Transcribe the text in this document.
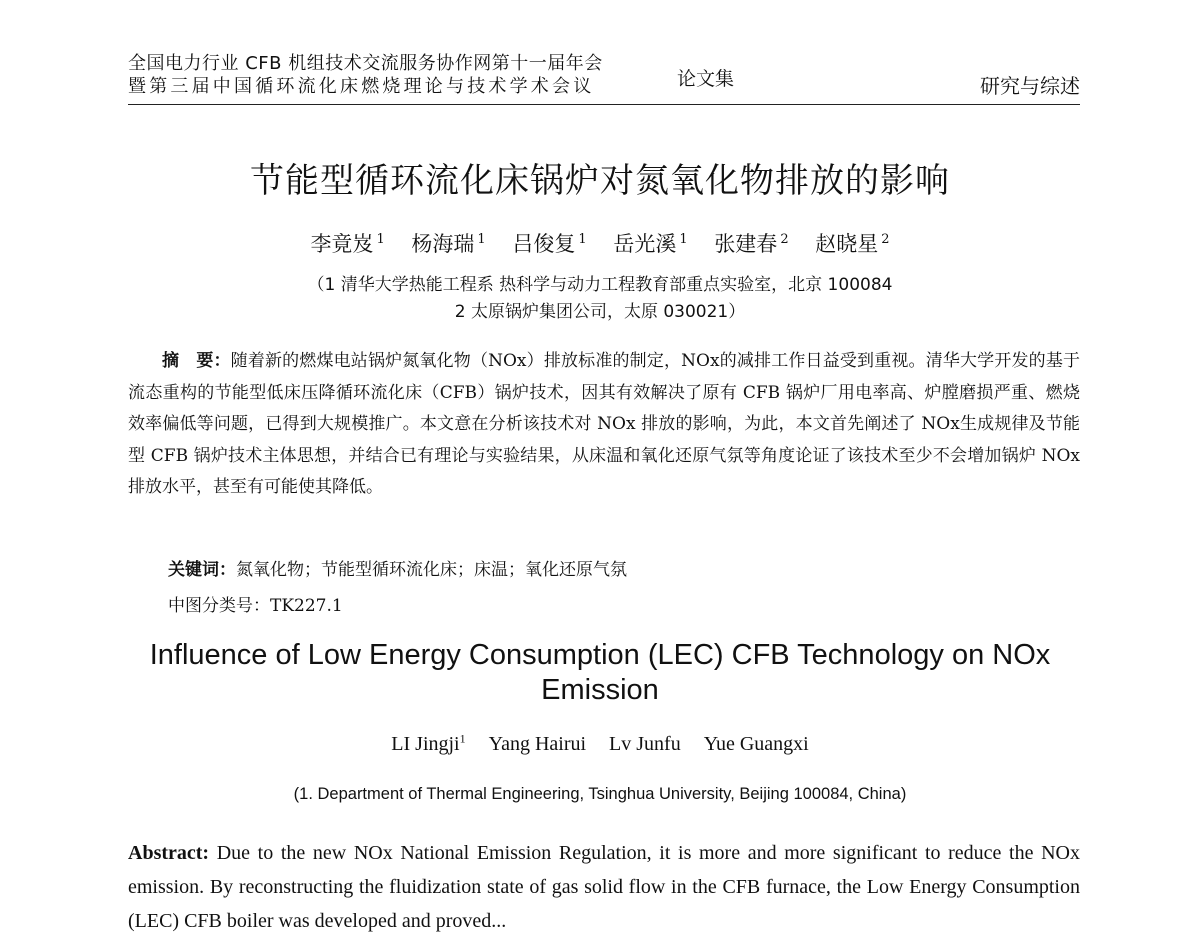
全国电力行业 CFB 机组技术交流服务协作网第十一届年会
暨第三届中国循环流化床燃烧理论与技术学术会议	论文集	研究与综述
节能型循环流化床锅炉对氮氧化物排放的影响
李竟岌 $^1$ 杨海瑞 $^1$ 吕俊复 $^1$ 岳光溪 $^1$ 张建春 $^2$ 赵晓星 $^2$
（1 清华大学热能工程系 热科学与动力工程教育部重点实验室，北京 100084
2 太原锅炉集团公司，太原 030021）
摘　要：随着新的燃煤电站锅炉氮氧化物（NOx）排放标准的制定，NOx的减排工作日益受到重视。清华大学开发的基于流态重构的节能型低床压降循环流化床（CFB）锅炉技术，因其有效解决了原有 CFB 锅炉厂用电率高、炉膛磨损严重、燃烧效率偏低等问题，已得到大规模推广。本文意在分析该技术对 NOx 排放的影响，为此，本文首先阐述了 NOx生成规律及节能型 CFB 锅炉技术主体思想，并结合已有理论与实验结果，从床温和氧化还原气氛等角度论证了该技术至少不会增加锅炉 NOx排放水平，甚至有可能使其降低。
关键词：氮氧化物；节能型循环流化床；床温；氧化还原气氛
中图分类号：TK227.1
Influence of Low Energy Consumption (LEC) CFB Technology on NOx Emission
LI Jingji$^1$ Yang Hairui Lv Junfu Yue Guangxi
(1. Department of Thermal Engineering, Tsinghua University, Beijing 100084, China)
Abstract: Due to the new NOx National Emission Regulation, it is more and more significant to reduce the NOx emission. By reconstructing the fluidization state of gas solid flow in the CFB furnace, the Low Energy Consumption (LEC) CFB boiler was developed and proved...
